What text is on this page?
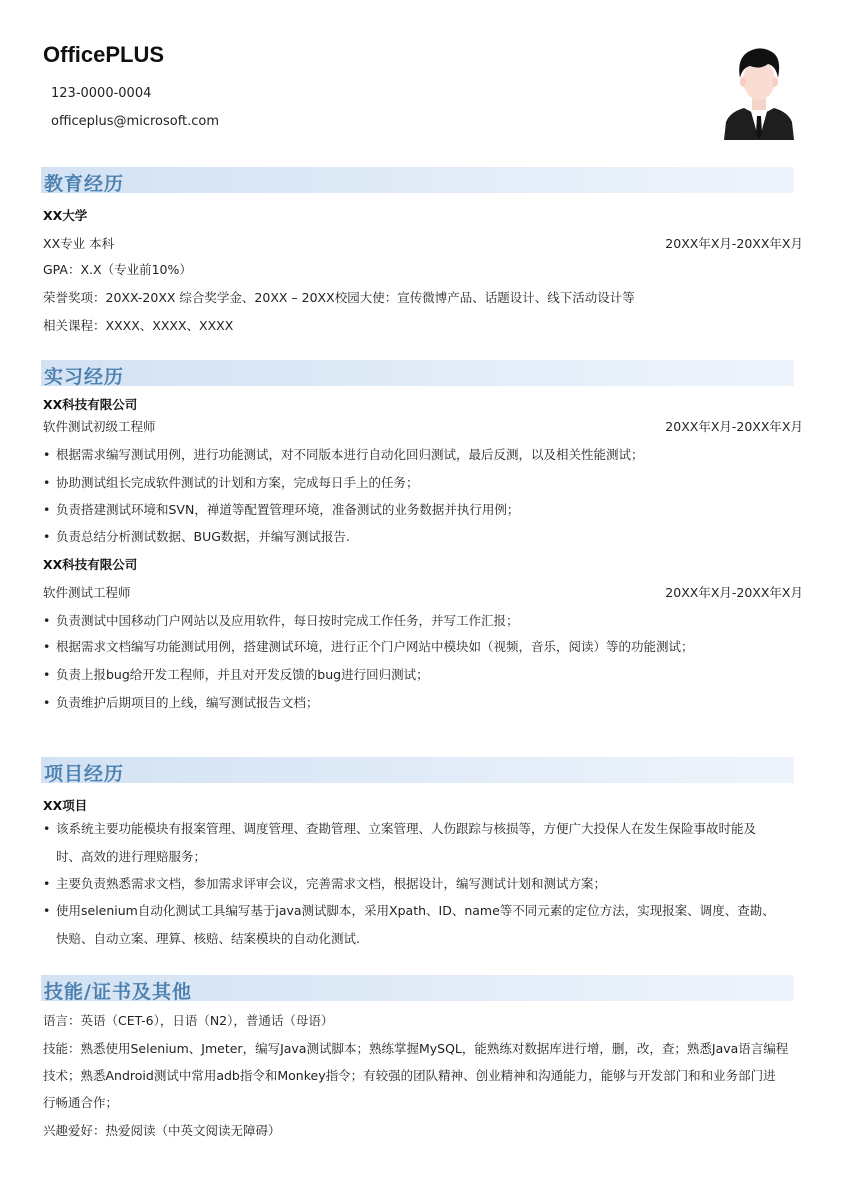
OfficePLUS
123-0000-0004
officeplus@microsoft.com
教育经历
XX大学
XX专业 本科	20XX年X月-20XX年X月
GPA：X.X（专业前10%）
荣誉奖项：20XX-20XX 综合奖学金、20XX – 20XX校园大使：宣传微博产品、话题设计、线下活动设计等
相关课程：XXXX、XXXX、XXXX
实习经历
XX科技有限公司
软件测试初级工程师	20XX年X月-20XX年X月
• 根据需求编写测试用例，进行功能测试，对不同版本进行自动化回归测试，最后反测，以及相关性能测试；
• 协助测试组长完成软件测试的计划和方案，完成每日手上的任务；
• 负责搭建测试环境和SVN，禅道等配置管理环境，准备测试的业务数据并执行用例；
• 负责总结分析测试数据、BUG数据，并编写测试报告.
XX科技有限公司
软件测试工程师	20XX年X月-20XX年X月
• 负责测试中国移动门户网站以及应用软件，每日按时完成工作任务，并写工作汇报；
• 根据需求文档编写功能测试用例，搭建测试环境，进行正个门户网站中模块如（视频，音乐，阅读）等的功能测试；
• 负责上报bug给开发工程师，并且对开发反馈的bug进行回归测试；
• 负责维护后期项目的上线，编写测试报告文档；
项目经历
XX项目
• 该系统主要功能模块有报案管理、调度管理、查勘管理、立案管理、人伤跟踪与核损等，方便广大投保人在发生保险事故时能及
时、高效的进行理赔服务；
• 主要负责熟悉需求文档，参加需求评审会议，完善需求文档，根据设计，编写测试计划和测试方案；
• 使用selenium自动化测试工具编写基于java测试脚本，采用Xpath、ID、name等不同元素的定位方法，实现报案、调度、查勘、
快赔、自动立案、理算、核赔、结案模块的自动化测试.
技能/证书及其他
语言：英语（CET-6），日语（N2），普通话（母语）
技能：熟悉使用Selenium、Jmeter，编写Java测试脚本；熟练掌握MySQL，能熟练对数据库进行增，删，改，查；熟悉Java语言编程
技术；熟悉Android测试中常用adb指令和Monkey指令；有较强的团队精神、创业精神和沟通能力，能够与开发部门和和业务部门进
行畅通合作；
兴趣爱好：热爱阅读（中英文阅读无障碍）
